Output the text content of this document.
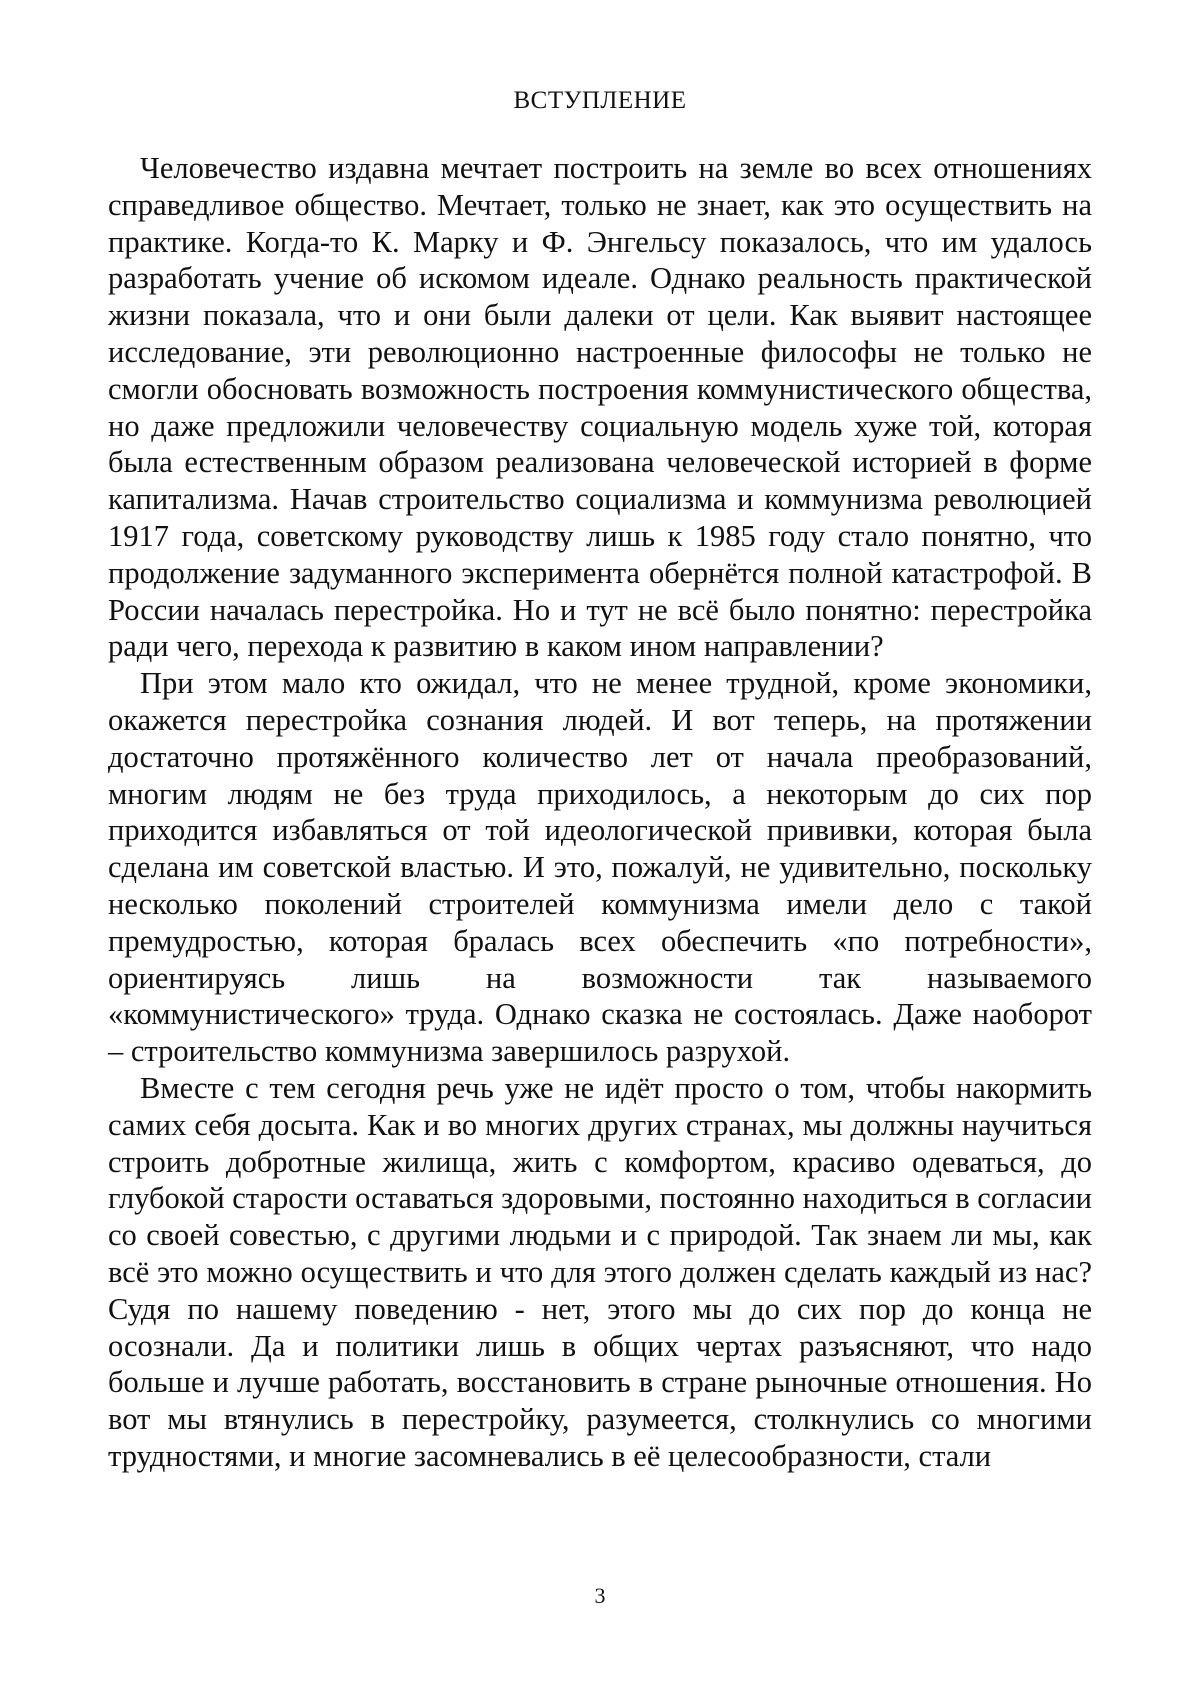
ВСТУПЛЕНИЕ

Человечество издавна мечтает построить на земле во всех отношениях справедливое общество. Мечтает, только не знает, как это осуществить на практике. Когда-то К. Марку и Ф. Энгельсу показалось, что им удалось разработать учение об искомом идеале. Однако реальность практической жизни показала, что и они были далеки от цели. Как выявит настоящее исследование, эти революционно настроенные философы не только не смогли обосновать возможность построения коммунистического общества, но даже предложили человечеству социальную модель хуже той, которая была естественным образом реализована человеческой историей в форме капитализма. Начав строительство социализма и коммунизма революцией 1917 года, советскому руководству лишь к 1985 году стало понятно, что продолжение задуманного эксперимента обернётся полной катастрофой. В России началась перестройка. Но и тут не всё было понятно: перестройка ради чего, перехода к развитию в каком ином направлении?

При этом мало кто ожидал, что не менее трудной, кроме экономики, окажется перестройка сознания людей. И вот теперь, на протяжении достаточно протяжённого количество лет от начала преобразований, многим людям не без труда приходилось, а некоторым до сих пор приходится избавляться от той идеологической прививки, которая была сделана им советской властью. И это, пожалуй, не удивительно, поскольку несколько поколений строителей коммунизма имели дело с такой премудростью, которая бралась всех обеспечить «по потребности», ориентируясь лишь на возможности так называемого «коммунистического» труда. Однако сказка не состоялась. Даже наоборот – строительство коммунизма завершилось разрухой.

Вместе с тем сегодня речь уже не идёт просто о том, чтобы накормить самих себя досыта. Как и во многих других странах, мы должны научиться строить добротные жилища, жить с комфортом, красиво одеваться, до глубокой старости оставаться здоровыми, постоянно находиться в согласии со своей совестью, с другими людьми и с природой. Так знаем ли мы, как всё это можно осуществить и что для этого должен сделать каждый из нас? Судя по нашему поведению - нет, этого мы до сих пор до конца не осознали. Да и политики лишь в общих чертах разъясняют, что надо больше и лучше работать, восстановить в стране рыночные отношения. Но вот мы втянулись в перестройку, разумеется, столкнулись со многими трудностями, и многие засомневались в её целесообразности, стали

3
